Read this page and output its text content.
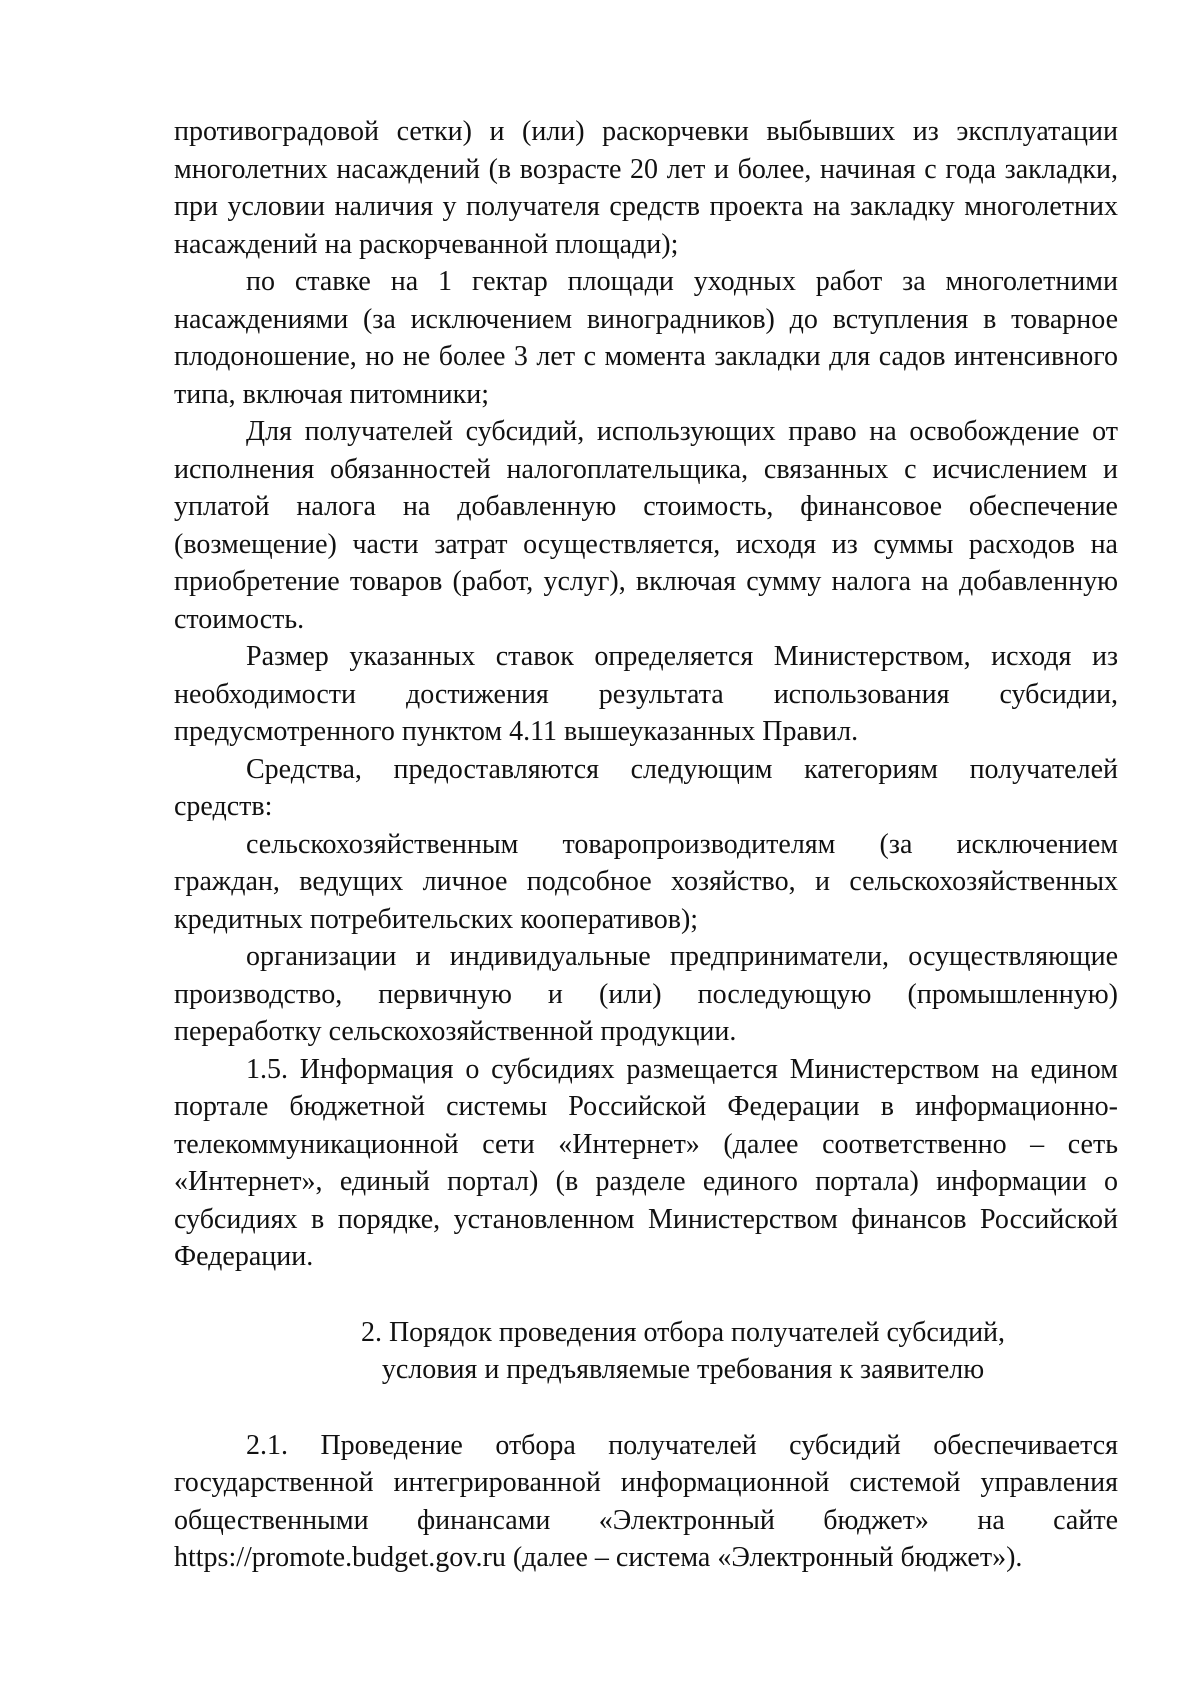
противоградовой сетки) и (или) раскорчевки выбывших из эксплуатации многолетних насаждений (в возрасте 20 лет и более, начиная с года закладки, при условии наличия у получателя средств проекта на закладку многолетних насаждений на раскорчеванной площади);

по ставке на 1 гектар площади уходных работ за многолетними насаждениями (за исключением виноградников) до вступления в товарное плодоношение, но не более 3 лет с момента закладки для садов интенсивного типа, включая питомники;

Для получателей субсидий, использующих право на освобождение от исполнения обязанностей налогоплательщика, связанных с исчислением и уплатой налога на добавленную стоимость, финансовое обеспечение (возмещение) части затрат осуществляется, исходя из суммы расходов на приобретение товаров (работ, услуг), включая сумму налога на добавленную стоимость.

Размер указанных ставок определяется Министерством, исходя из необходимости достижения результата использования субсидии, предусмотренного пунктом 4.11 вышеуказанных Правил.

Средства, предоставляются следующим категориям получателей средств:

сельскохозяйственным товаропроизводителям (за исключением граждан, ведущих личное подсобное хозяйство, и сельскохозяйственных кредитных потребительских кооперативов);

организации и индивидуальные предприниматели, осуществляющие производство, первичную и (или) последующую (промышленную) переработку сельскохозяйственной продукции.

1.5. Информация о субсидиях размещается Министерством на едином портале бюджетной системы Российской Федерации в информационно-телекоммуникационной сети «Интернет» (далее соответственно – сеть «Интернет», единый портал) (в разделе единого портала) информации о субсидиях в порядке, установленном Министерством финансов Российской Федерации.

2. Порядок проведения отбора получателей субсидий,

условия и предъявляемые требования к заявителю

2.1. Проведение отбора получателей субсидий обеспечивается государственной интегрированной информационной системой управления общественными финансами «Электронный бюджет» на сайте https://promote.budget.gov.ru (далее – система «Электронный бюджет»).
